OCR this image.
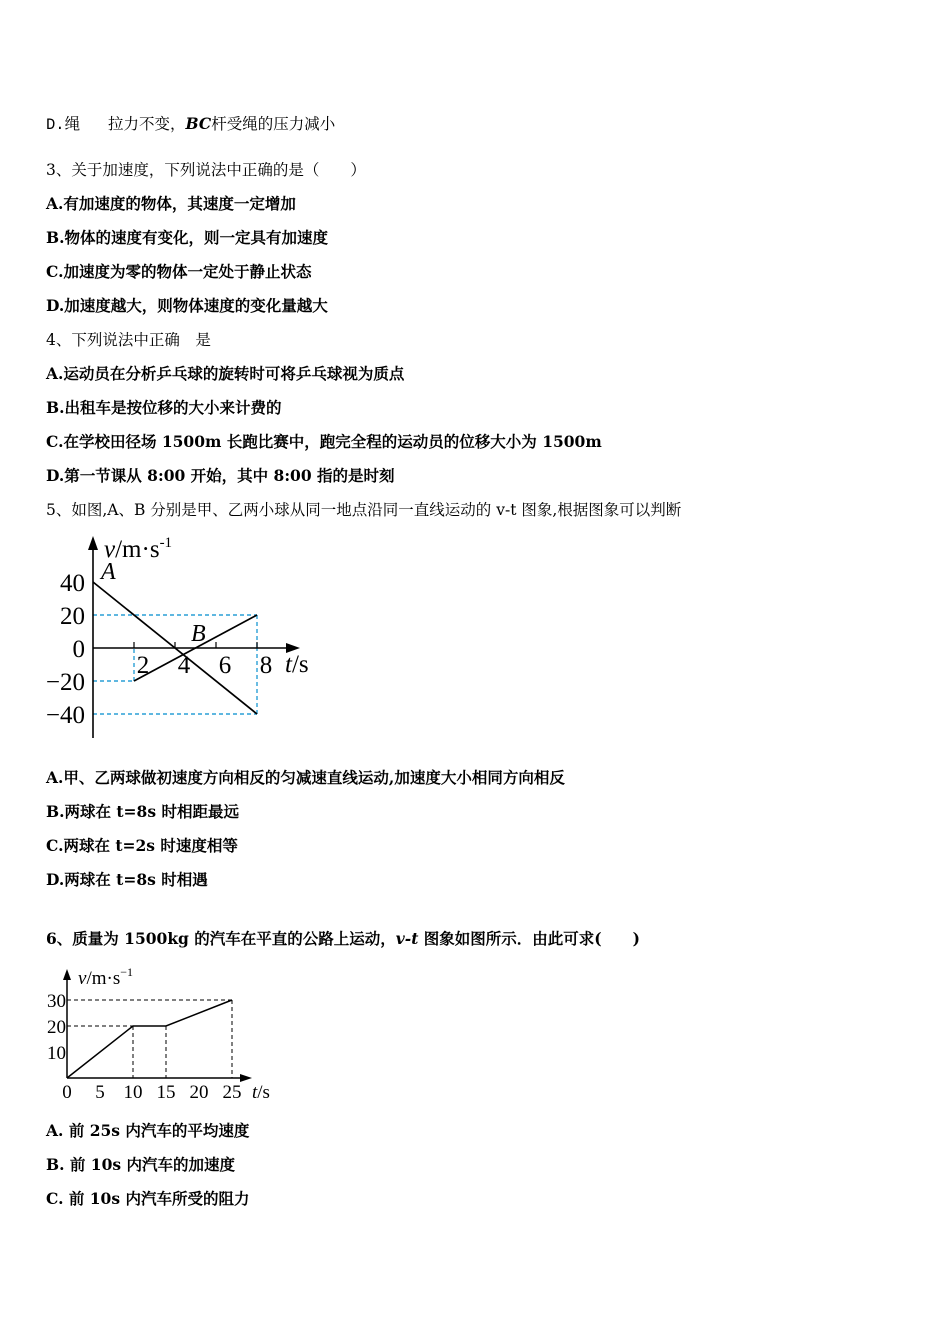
D.绳 拉力不变，BC杆受绳的压力减小
3、关于加速度，下列说法中正确的是（　　）
A.有加速度的物体，其速度一定增加
B.物体的速度有变化，则一定具有加速度
C.加速度为零的物体一定处于静止状态
D.加速度越大，则物体速度的变化量越大
4、下列说法中正确　是
A.运动员在分析乒乓球的旋转时可将乒乓球视为质点
B.出租车是按位移的大小来计费的
C.在学校田径场 1500m 长跑比赛中，跑完全程的运动员的位移大小为 1500m
D.第一节课从 8:00 开始，其中 8:00 指的是时刻
5、如图,A、B 分别是甲、乙两小球从同一地点沿同一直线运动的 v-t 图象,根据图象可以判断
40
20
0
−20
−40
2 4 6 8
A
B
$v/m\cdot s^{-1}$
t/s
A.甲、乙两球做初速度方向相反的匀减速直线运动,加速度大小相同方向相反
B.两球在 t=8s 时相距最远
C.两球在 t=2s 时速度相等
D.两球在 t=8s 时相遇
6、质量为 1500kg 的汽车在平直的公路上运动，v-t 图象如图所示．由此可求(　　)
30
20
10
0 5 10 15 20 25
$v/m\cdot s^{-1}$
t/s
A. 前 25s 内汽车的平均速度
B. 前 10s 内汽车的加速度
C. 前 10s 内汽车所受的阻力
